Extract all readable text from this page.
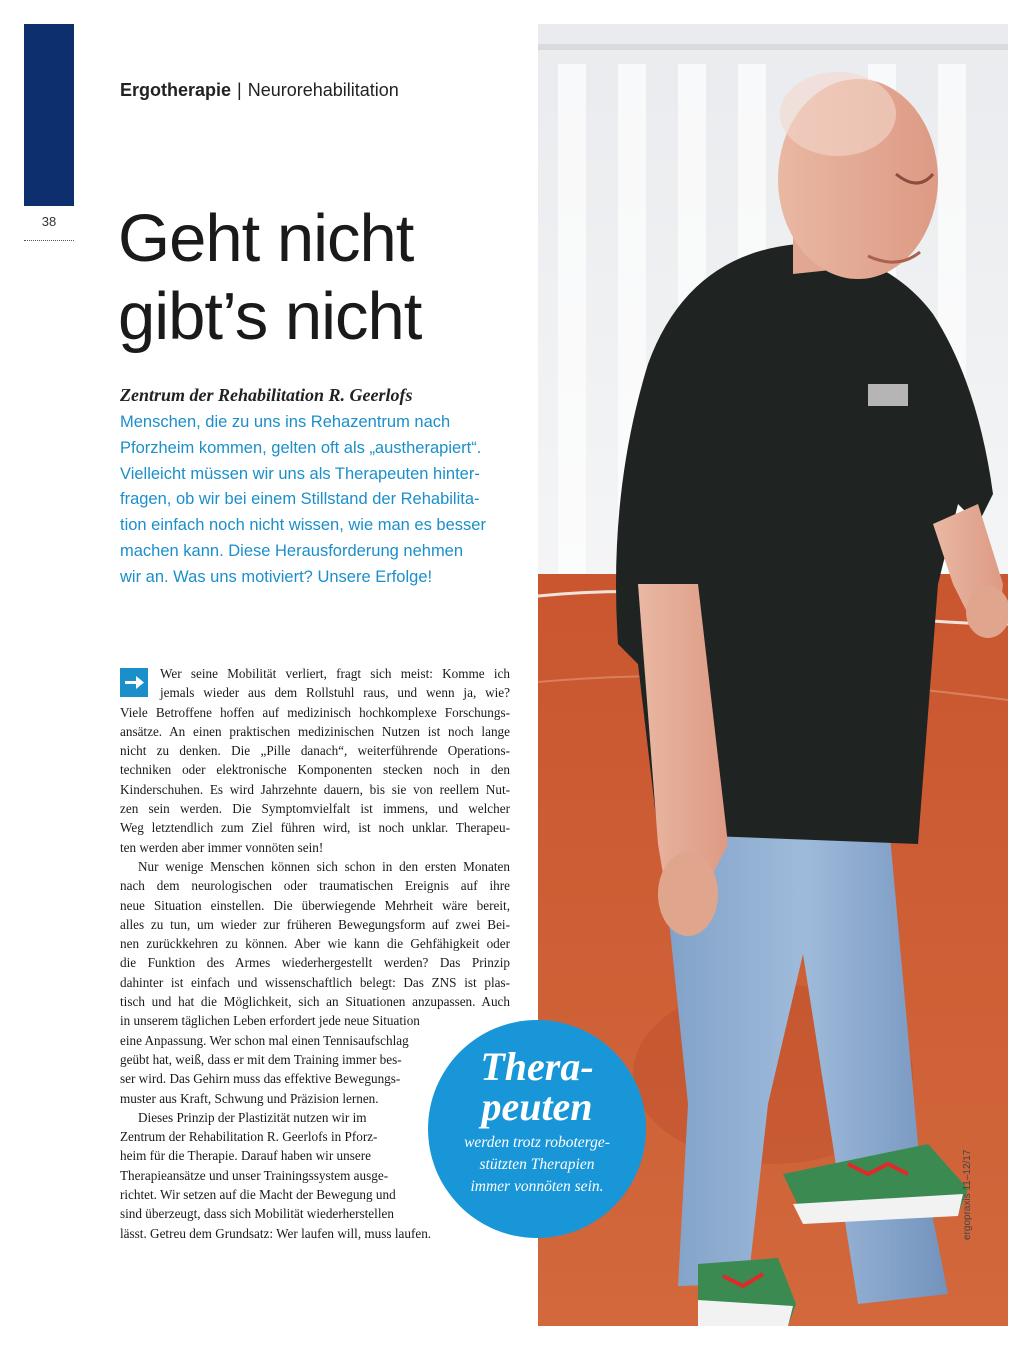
38
Ergotherapie | Neurorehabilitation
Geht nicht
gibt’s nicht
Zentrum der Rehabilitation R. Geerlofs

Menschen, die zu uns ins Rehazentrum nach
Pforzheim kommen, gelten oft als „austherapiert“.
Vielleicht müssen wir uns als Therapeuten hinter-
fragen, ob wir bei einem Stillstand der Rehabilita-
tion einfach noch nicht wissen, wie man es besser
machen kann. Diese Herausforderung nehmen
wir an. Was uns motiviert? Unsere Erfolge!

Wer seine Mobilität verliert, fragt sich meist: Komme ich
jemals wieder aus dem Rollstuhl raus, und wenn ja, wie?
Viele Betroffene hoffen auf medizinisch hochkomplexe Forschungs-
ansätze. An einen praktischen medizinischen Nutzen ist noch lange
nicht zu denken. Die „Pille danach“, weiterführende Operations-
techniken oder elektronische Komponenten stecken noch in den
Kinderschuhen. Es wird Jahrzehnte dauern, bis sie von reellem Nut-
zen sein werden. Die Symptomvielfalt ist immens, und welcher
Weg letztendlich zum Ziel führen wird, ist noch unklar. Therapeu-
ten werden aber immer vonnöten sein!
Nur wenige Menschen können sich schon in den ersten Monaten
nach dem neurologischen oder traumatischen Ereignis auf ihre
neue Situation einstellen. Die überwiegende Mehrheit wäre bereit,
alles zu tun, um wieder zur früheren Bewegungsform auf zwei Bei-
nen zurückkehren zu können. Aber wie kann die Gehfähigkeit oder
die Funktion des Armes wiederhergestellt werden? Das Prinzip
dahinter ist einfach und wissenschaftlich belegt: Das ZNS ist plas-
tisch und hat die Möglichkeit, sich an Situationen anzupassen. Auch
in unserem täglichen Leben erfordert jede neue Situation
eine Anpassung. Wer schon mal einen Tennisaufschlag
geübt hat, weiß, dass er mit dem Training immer bes-
ser wird. Das Gehirn muss das effektive Bewegungs-
muster aus Kraft, Schwung und Präzision lernen.
Dieses Prinzip der Plastizität nutzen wir im
Zentrum der Rehabilitation R. Geerlofs in Pforz-
heim für die Therapie. Darauf haben wir unsere
Therapieansätze und unser Trainingssystem ausge-
richtet. Wir setzen auf die Macht der Bewegung und
sind überzeugt, dass sich Mobilität wiederherstellen
lässt. Getreu dem Grundsatz: Wer laufen will, muss laufen.
Thera-
peuten
werden trotz roboterge-
stützten Therapien
immer vonnöten sein.	ergopraxis 11–12/17
